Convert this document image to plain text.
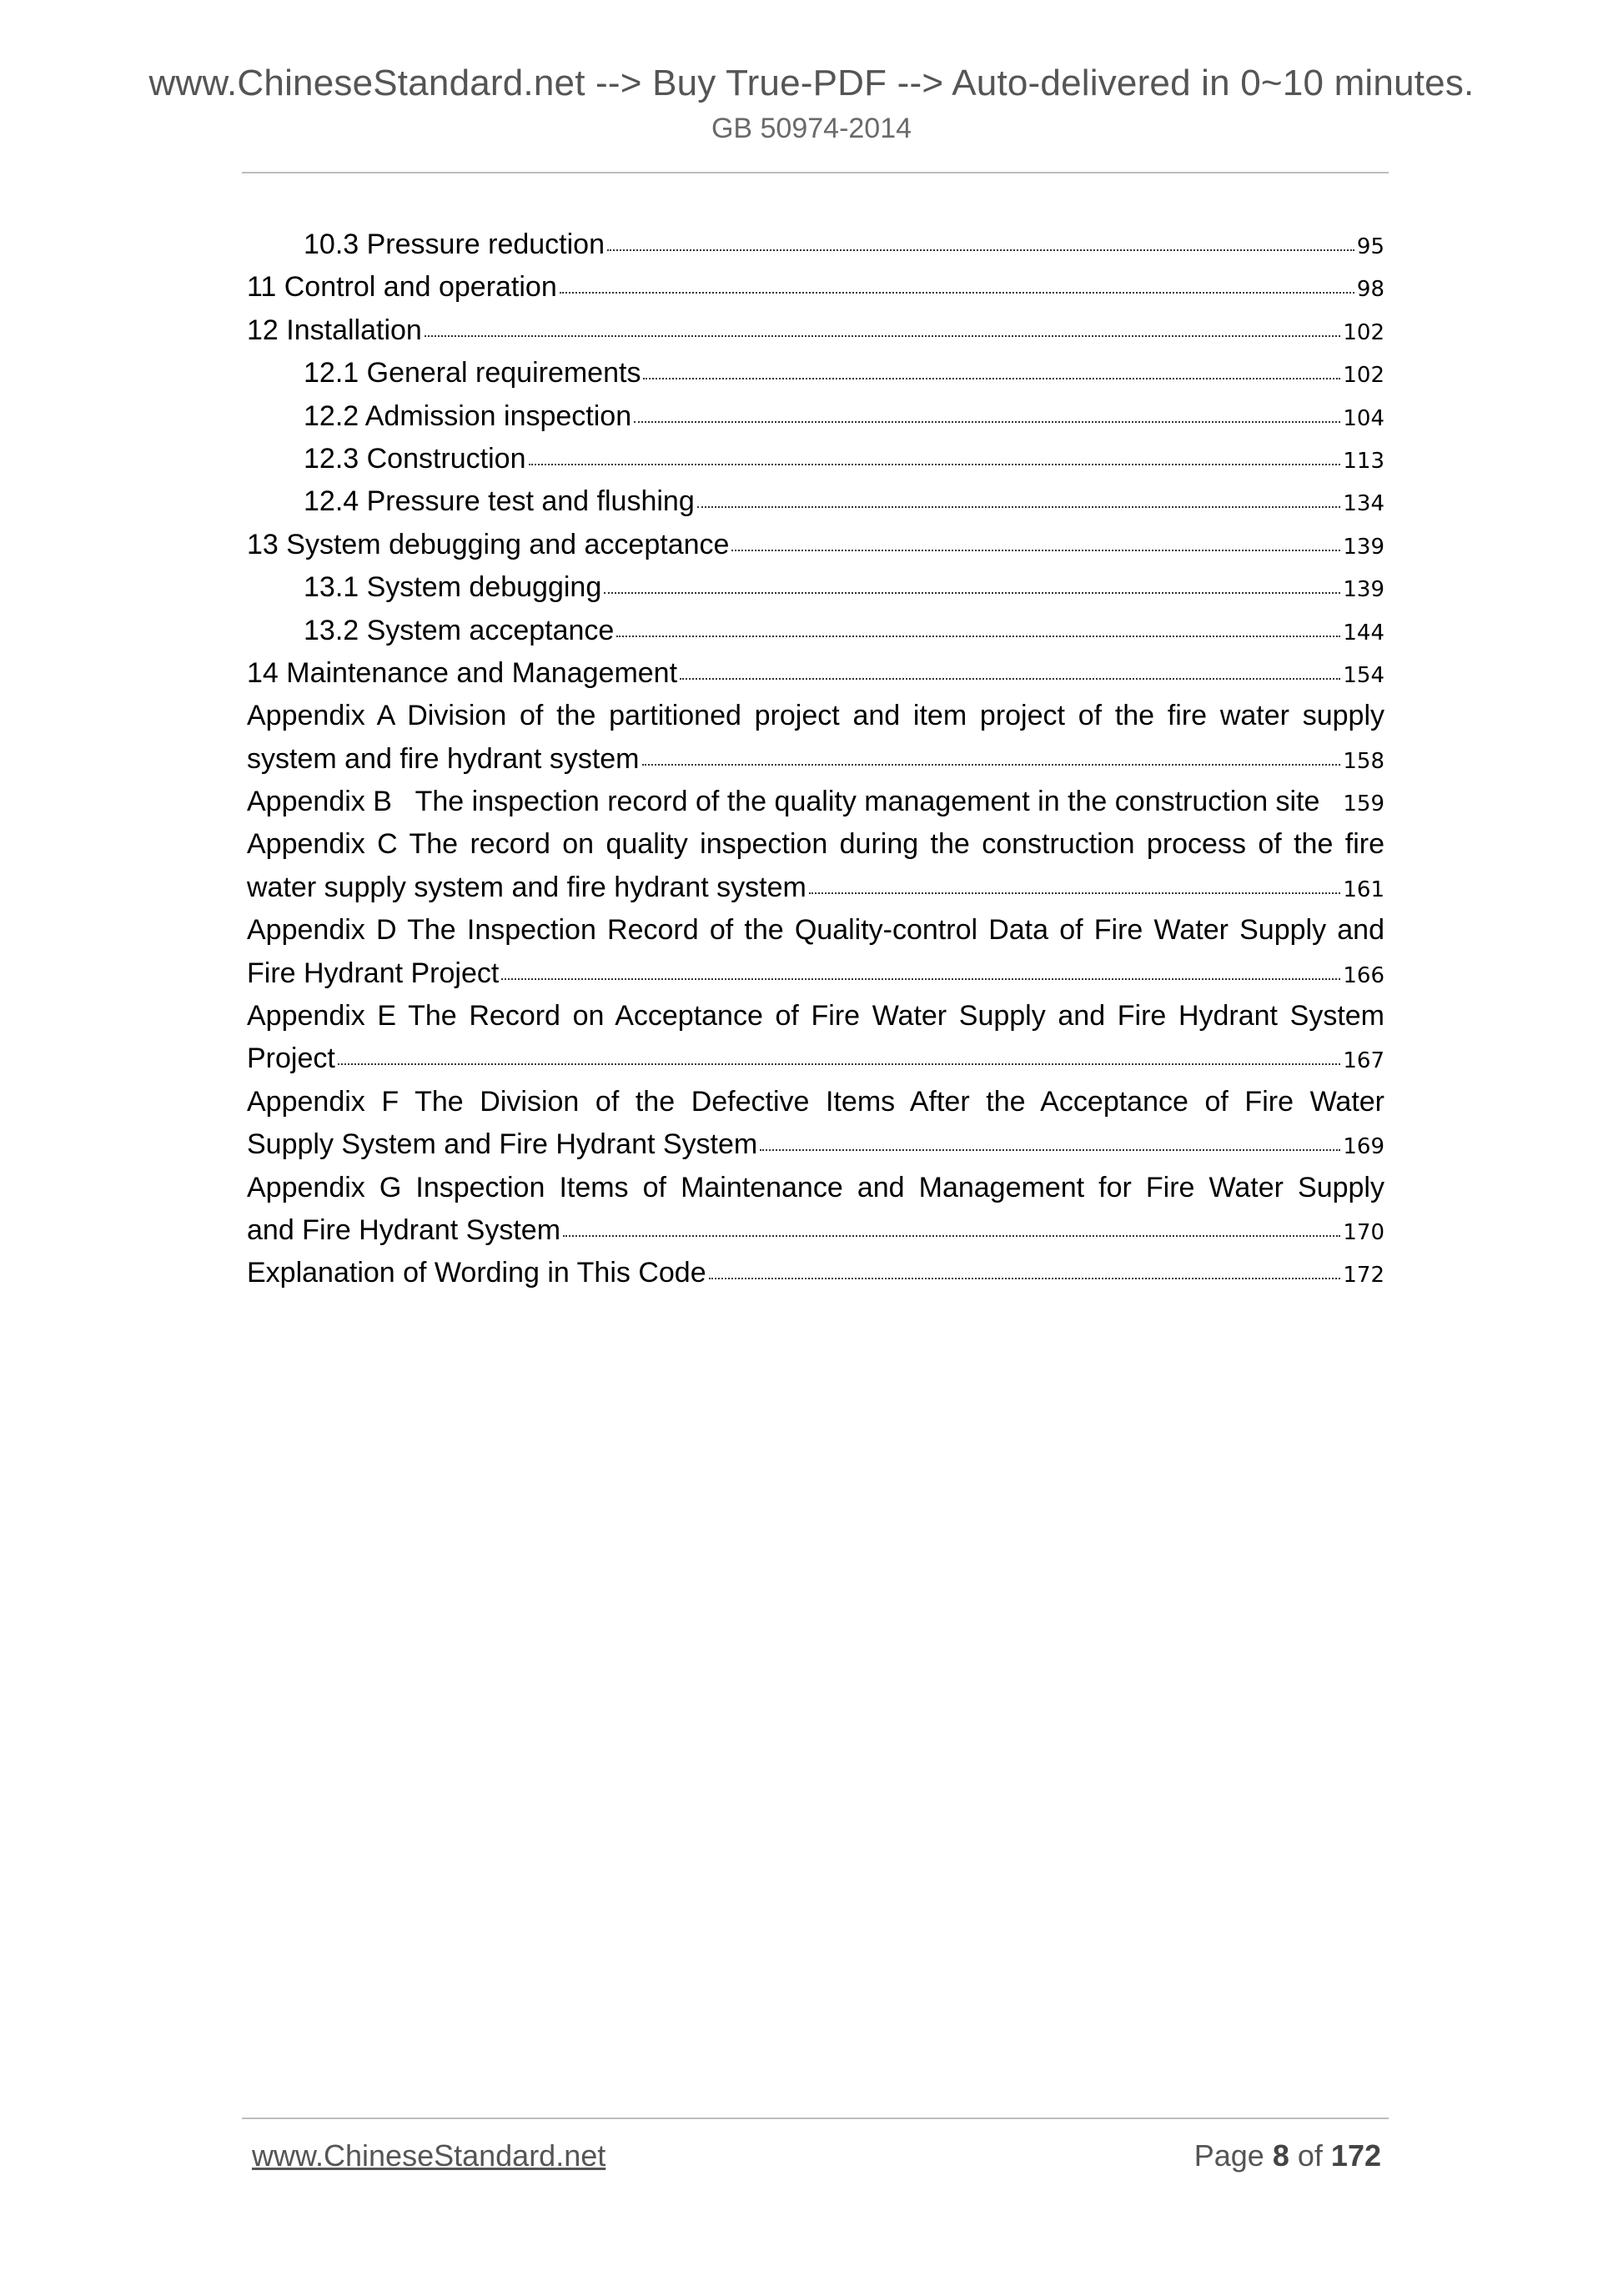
www.ChineseStandard.net --> Buy True-PDF --> Auto-delivered in 0~10 minutes.
GB 50974-2014
10.3 Pressure reduction	95
11 Control and operation	98
12 Installation	102
12.1 General requirements	102
12.2 Admission inspection	104
12.3 Construction	113
12.4 Pressure test and flushing	134
13 System debugging and acceptance	139
13.1 System debugging	139
13.2 System acceptance	144
14 Maintenance and Management	154
Appendix A Division of the partitioned project and item project of the fire water supply
system and fire hydrant system	158
Appendix B   The inspection record of the quality management in the construction site	159
Appendix C The record on quality inspection during the construction process of the fire
water supply system and fire hydrant system	161
Appendix D The Inspection Record of the Quality-control Data of Fire Water Supply and
Fire Hydrant Project	166
Appendix E The Record on Acceptance of Fire Water Supply and Fire Hydrant System
Project	167
Appendix F The Division of the Defective Items After the Acceptance of Fire Water
Supply System and Fire Hydrant System	169
Appendix G Inspection Items of Maintenance and Management for Fire Water Supply
and Fire Hydrant System	170
Explanation of Wording in This Code	172
www.ChineseStandard.net	Page 8 of 172
